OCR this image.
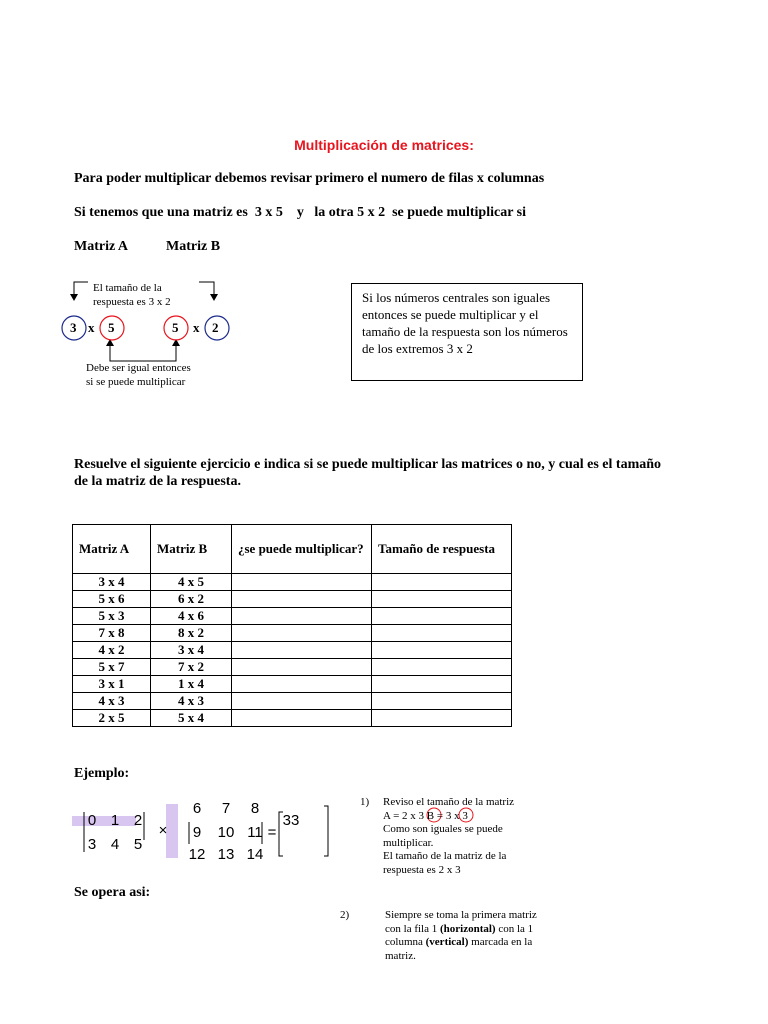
Multiplicación de matrices:
Para poder multiplicar debemos revisar primero el numero de filas x columnas
Si tenemos que una matriz es  3 x 5    y   la otra 5 x 2  se puede multiplicar si
Matriz A	Matriz B
El tamaño de la
respuesta es 3 x 2
3 x 5	5 x 2
Debe ser igual entonces
si se puede multiplicar
Si los números centrales son iguales entonces se puede multiplicar y el tamaño de la respuesta son los números de los extremos 3 x 2
Resuelve el siguiente ejercicio e indica si se puede multiplicar las matrices o no, y cual es el tamaño
de la matriz de la respuesta.
Matriz A	Matriz B	¿se puede multiplicar?	Tamaño de respuesta
3 x 4	4 x 5		
5 x 6	6 x 2		
5 x 3	4 x 6		
7 x 8	8 x 2		
4 x 2	3 x 4		
5 x 7	7 x 2		
3 x 1	1 x 4		
4 x 3	4 x 3		
2 x 5	5 x 4		
Ejemplo:
0 1 2
3 4 5
×
6	7	8
9	10 11
12 13 14
=
33
Se opera asi:
1) Reviso el tamaño de la matriz
A = 2 x 3 B = 3 x 3
Como son iguales se puede
multiplicar.
El tamaño de la matriz de la
respuesta es 2 x 3
2)	Siempre se toma la primera matriz
con la fila 1 (horizontal) con la 1
columna (vertical) marcada en la
matriz.
